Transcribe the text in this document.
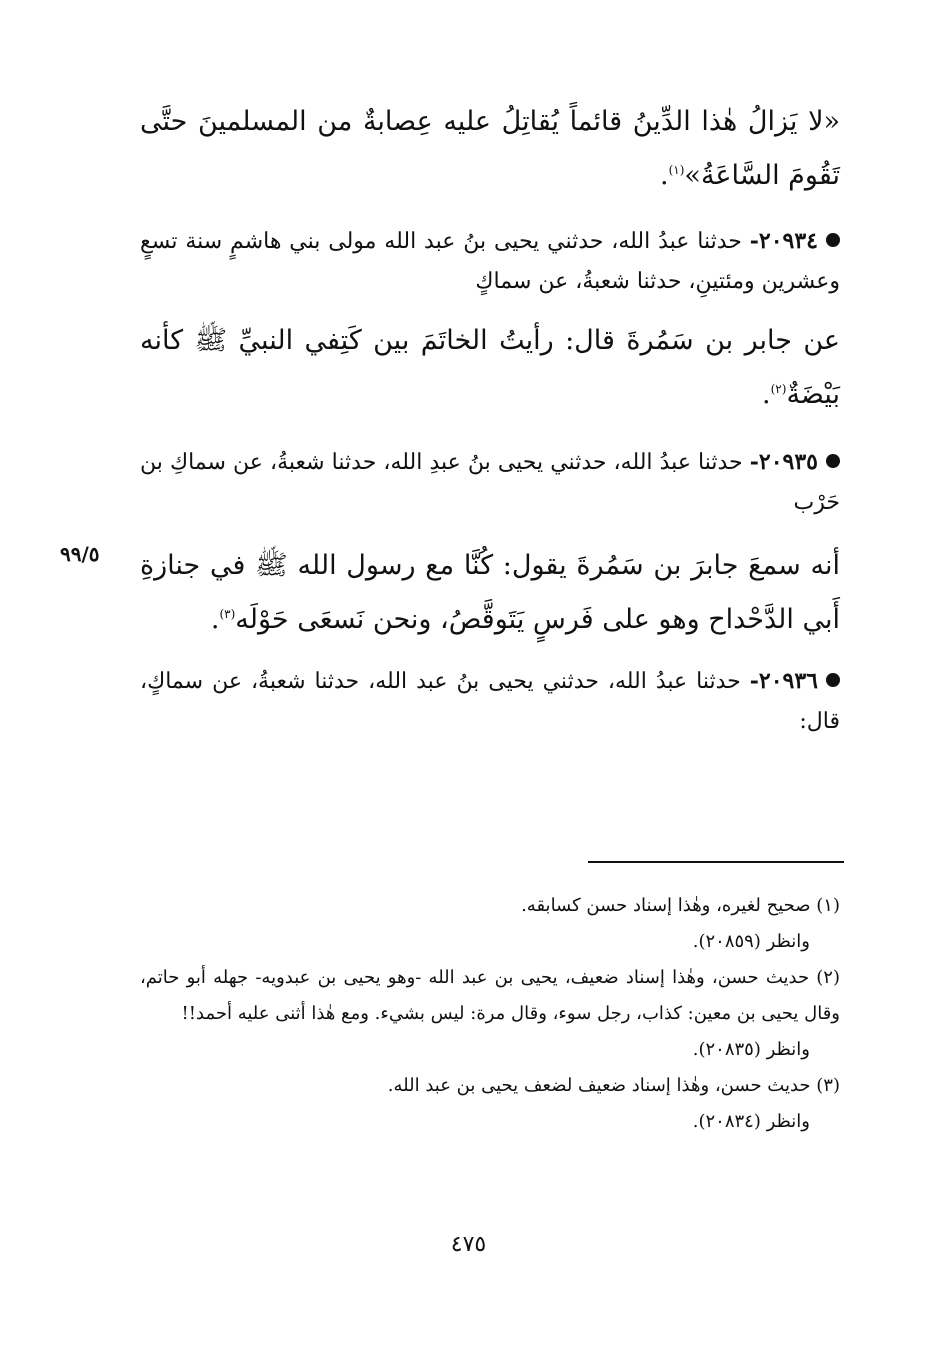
«لا يَزالُ هٰذا الدِّينُ قائماً يُقاتِلُ عليه عِصابةٌ من المسلمينَ حتَّى تَقُومَ السَّاعَةُ»$^{(١)}$.

٢٠٩٣٤- حدثنا عبدُ الله، حدثني يحيى بنُ عبد الله مولى بني هاشمٍ سنة تسعٍ وعشرين ومئتينِ، حدثنا شعبةُ، عن سماكٍ

عن جابر بن سَمُرةَ قال: رأيتُ الخاتَمَ بين كَتِفي النبيِّ ﷺ كأنه بَيْضَةٌ$^{(٢)}$.

٢٠٩٣٥- حدثنا عبدُ الله، حدثني يحيى بنُ عبدِ الله، حدثنا شعبةُ، عن سماكِ بن حَرْب

أنه سمعَ جابرَ بن سَمُرةَ يقول: كُنَّا مع رسول الله ﷺ في جنازةِ أَبي الدَّحْداح وهو على فَرسٍ يَتَوقَّصُ، ونحن نَسعَى حَوْلَه$^{(٣)}$.

٢٠٩٣٦- حدثنا عبدُ الله، حدثني يحيى بنُ عبد الله، حدثنا شعبةُ، عن سماكٍ، قال:

٩٩/٥

(١) صحيح لغيره، وهٰذا إسناد حسن كسابقه.

وانظر (٢٠٨٥٩).

(٢) حديث حسن، وهٰذا إسناد ضعيف، يحيى بن عبد الله -وهو يحيى بن عبدويه- جهله أبو حاتم، وقال يحيى بن معين: كذاب، رجل سوء، وقال مرة: ليس بشيء. ومع هٰذا أثنى عليه أحمد!!

وانظر (٢٠٨٣٥).

(٣) حديث حسن، وهٰذا إسناد ضعيف لضعف يحيى بن عبد الله.

وانظر (٢٠٨٣٤).

٤٧٥
